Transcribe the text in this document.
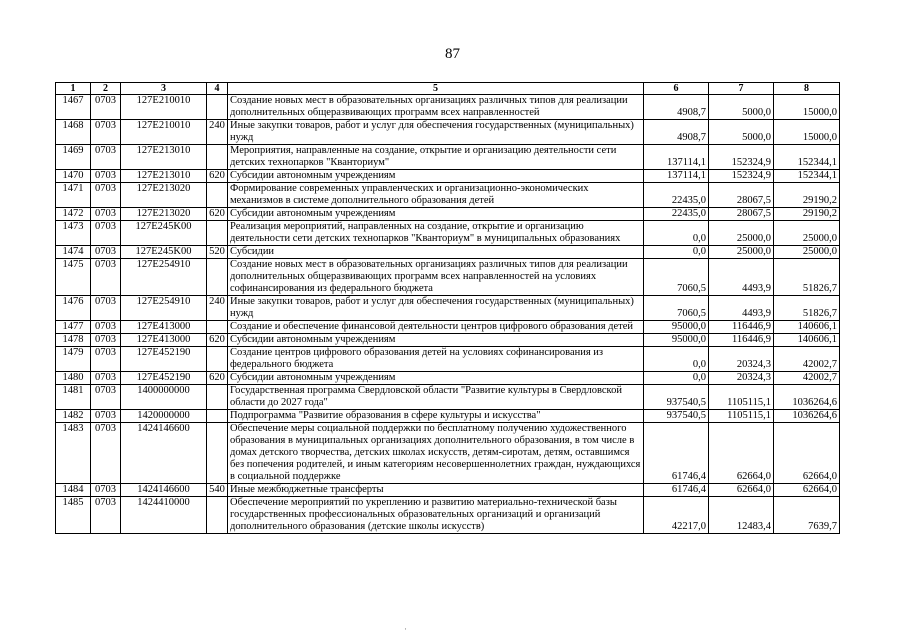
87
1	2	3	4	5	6	7	8
1467	0703	127E210010		Создание новых мест в образовательных организациях различных типов для реализации дополнительных общеразвивающих программ всех направленностей	4908,7	5000,0	15000,0
1468	0703	127E210010	240	Иные закупки товаров, работ и услуг для обеспечения государственных (муниципальных) нужд	4908,7	5000,0	15000,0
1469	0703	127E213010		Мероприятия, направленные на создание, открытие и организацию деятельности сети детских технопарков "Кванториум"	137114,1	152324,9	152344,1
1470	0703	127E213010	620	Субсидии автономным учреждениям	137114,1	152324,9	152344,1
1471	0703	127E213020		Формирование современных управленческих и организационно-экономических механизмов в системе дополнительного образования детей	22435,0	28067,5	29190,2
1472	0703	127E213020	620	Субсидии автономным учреждениям	22435,0	28067,5	29190,2
1473	0703	127E245K00		Реализация мероприятий, направленных на создание, открытие и организацию деятельности сети детских технопарков "Кванториум" в муниципальных образованиях	0,0	25000,0	25000,0
1474	0703	127E245K00	520	Субсидии	0,0	25000,0	25000,0
1475	0703	127E254910		Создание новых мест в образовательных организациях различных типов для реализации дополнительных общеразвивающих программ всех направленностей на условиях софинансирования из федерального бюджета	7060,5	4493,9	51826,7
1476	0703	127E254910	240	Иные закупки товаров, работ и услуг для обеспечения государственных (муниципальных) нужд	7060,5	4493,9	51826,7
1477	0703	127E413000		Создание и обеспечение финансовой деятельности центров цифрового образования детей	95000,0	116446,9	140606,1
1478	0703	127E413000	620	Субсидии автономным учреждениям	95000,0	116446,9	140606,1
1479	0703	127E452190		Создание центров цифрового образования детей на условиях софинансирования из федерального бюджета	0,0	20324,3	42002,7
1480	0703	127E452190	620	Субсидии автономным учреждениям	0,0	20324,3	42002,7
1481	0703	1400000000		Государственная программа Свердловской области "Развитие культуры в Свердловской области до 2027 года"	937540,5	1105115,1	1036264,6
1482	0703	1420000000		Подпрограмма "Развитие образования в сфере культуры и искусства"	937540,5	1105115,1	1036264,6
1483	0703	1424146600		Обеспечение меры социальной поддержки по бесплатному получению художественного образования в муниципальных организациях дополнительного образования, в том числе в домах детского творчества, детских школах искусств, детям-сиротам, детям, оставшимся без попечения родителей, и иным категориям несовершеннолетних граждан, нуждающихся в социальной поддержке	61746,4	62664,0	62664,0
1484	0703	1424146600	540	Иные межбюджетные трансферты	61746,4	62664,0	62664,0
1485	0703	1424410000		Обеспечение мероприятий по укреплению и развитию материально-технической базы государственных профессиональных образовательных организаций и организаций дополнительного образования (детские школы искусств)	42217,0	12483,4	7639,7
·
